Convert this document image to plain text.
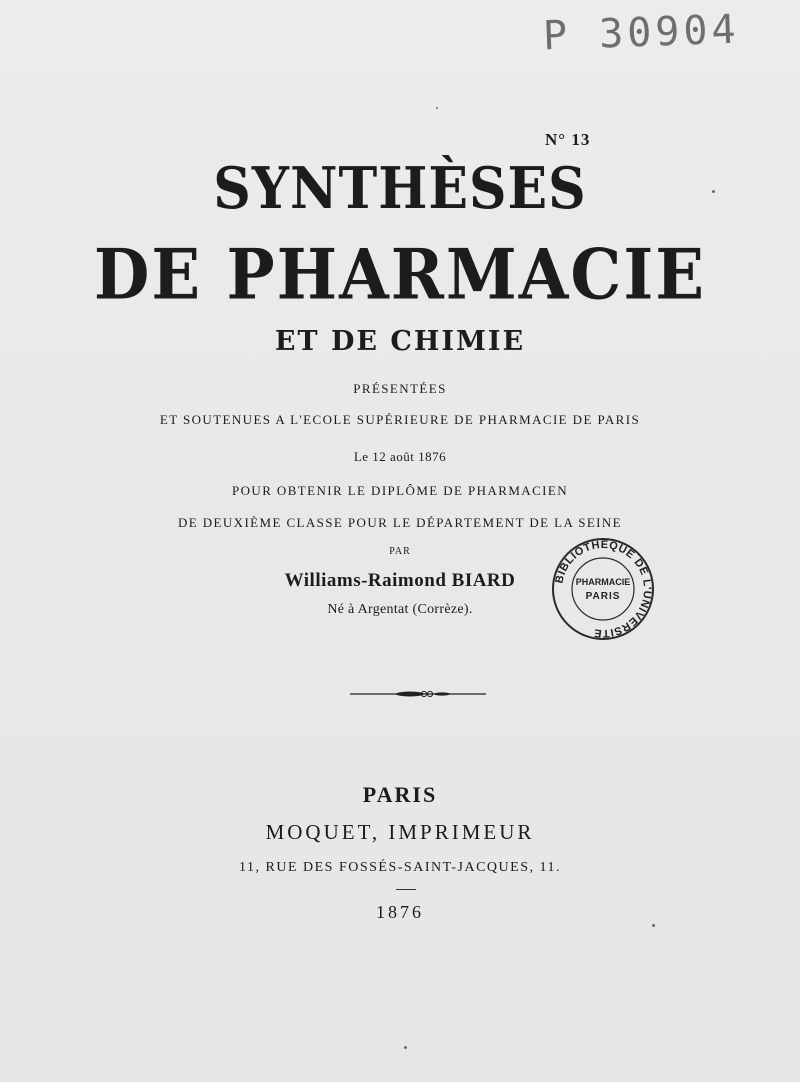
P 30904
N° 13
SYNTHÈSES
DE PHARMACIE
ET DE CHIMIE
PRÉSENTÉES
ET SOUTENUES A L'ECOLE SUPÉRIEURE DE PHARMACIE DE PARIS
Le 12 août 1876
POUR OBTENIR LE DIPLÔME DE PHARMACIEN
DE DEUXIÈME CLASSE POUR LE DÉPARTEMENT DE LA SEINE
PAR
Williams-Raimond BIARD
Né à Argentat (Corrèze).
BIBLIOTHÈQUE DE L'UNIVERSITÉ
PHARMACIE
PARIS
PARIS
MOQUET, IMPRIMEUR
11, RUE DES FOSSÉS-SAINT-JACQUES, 11.
1876
